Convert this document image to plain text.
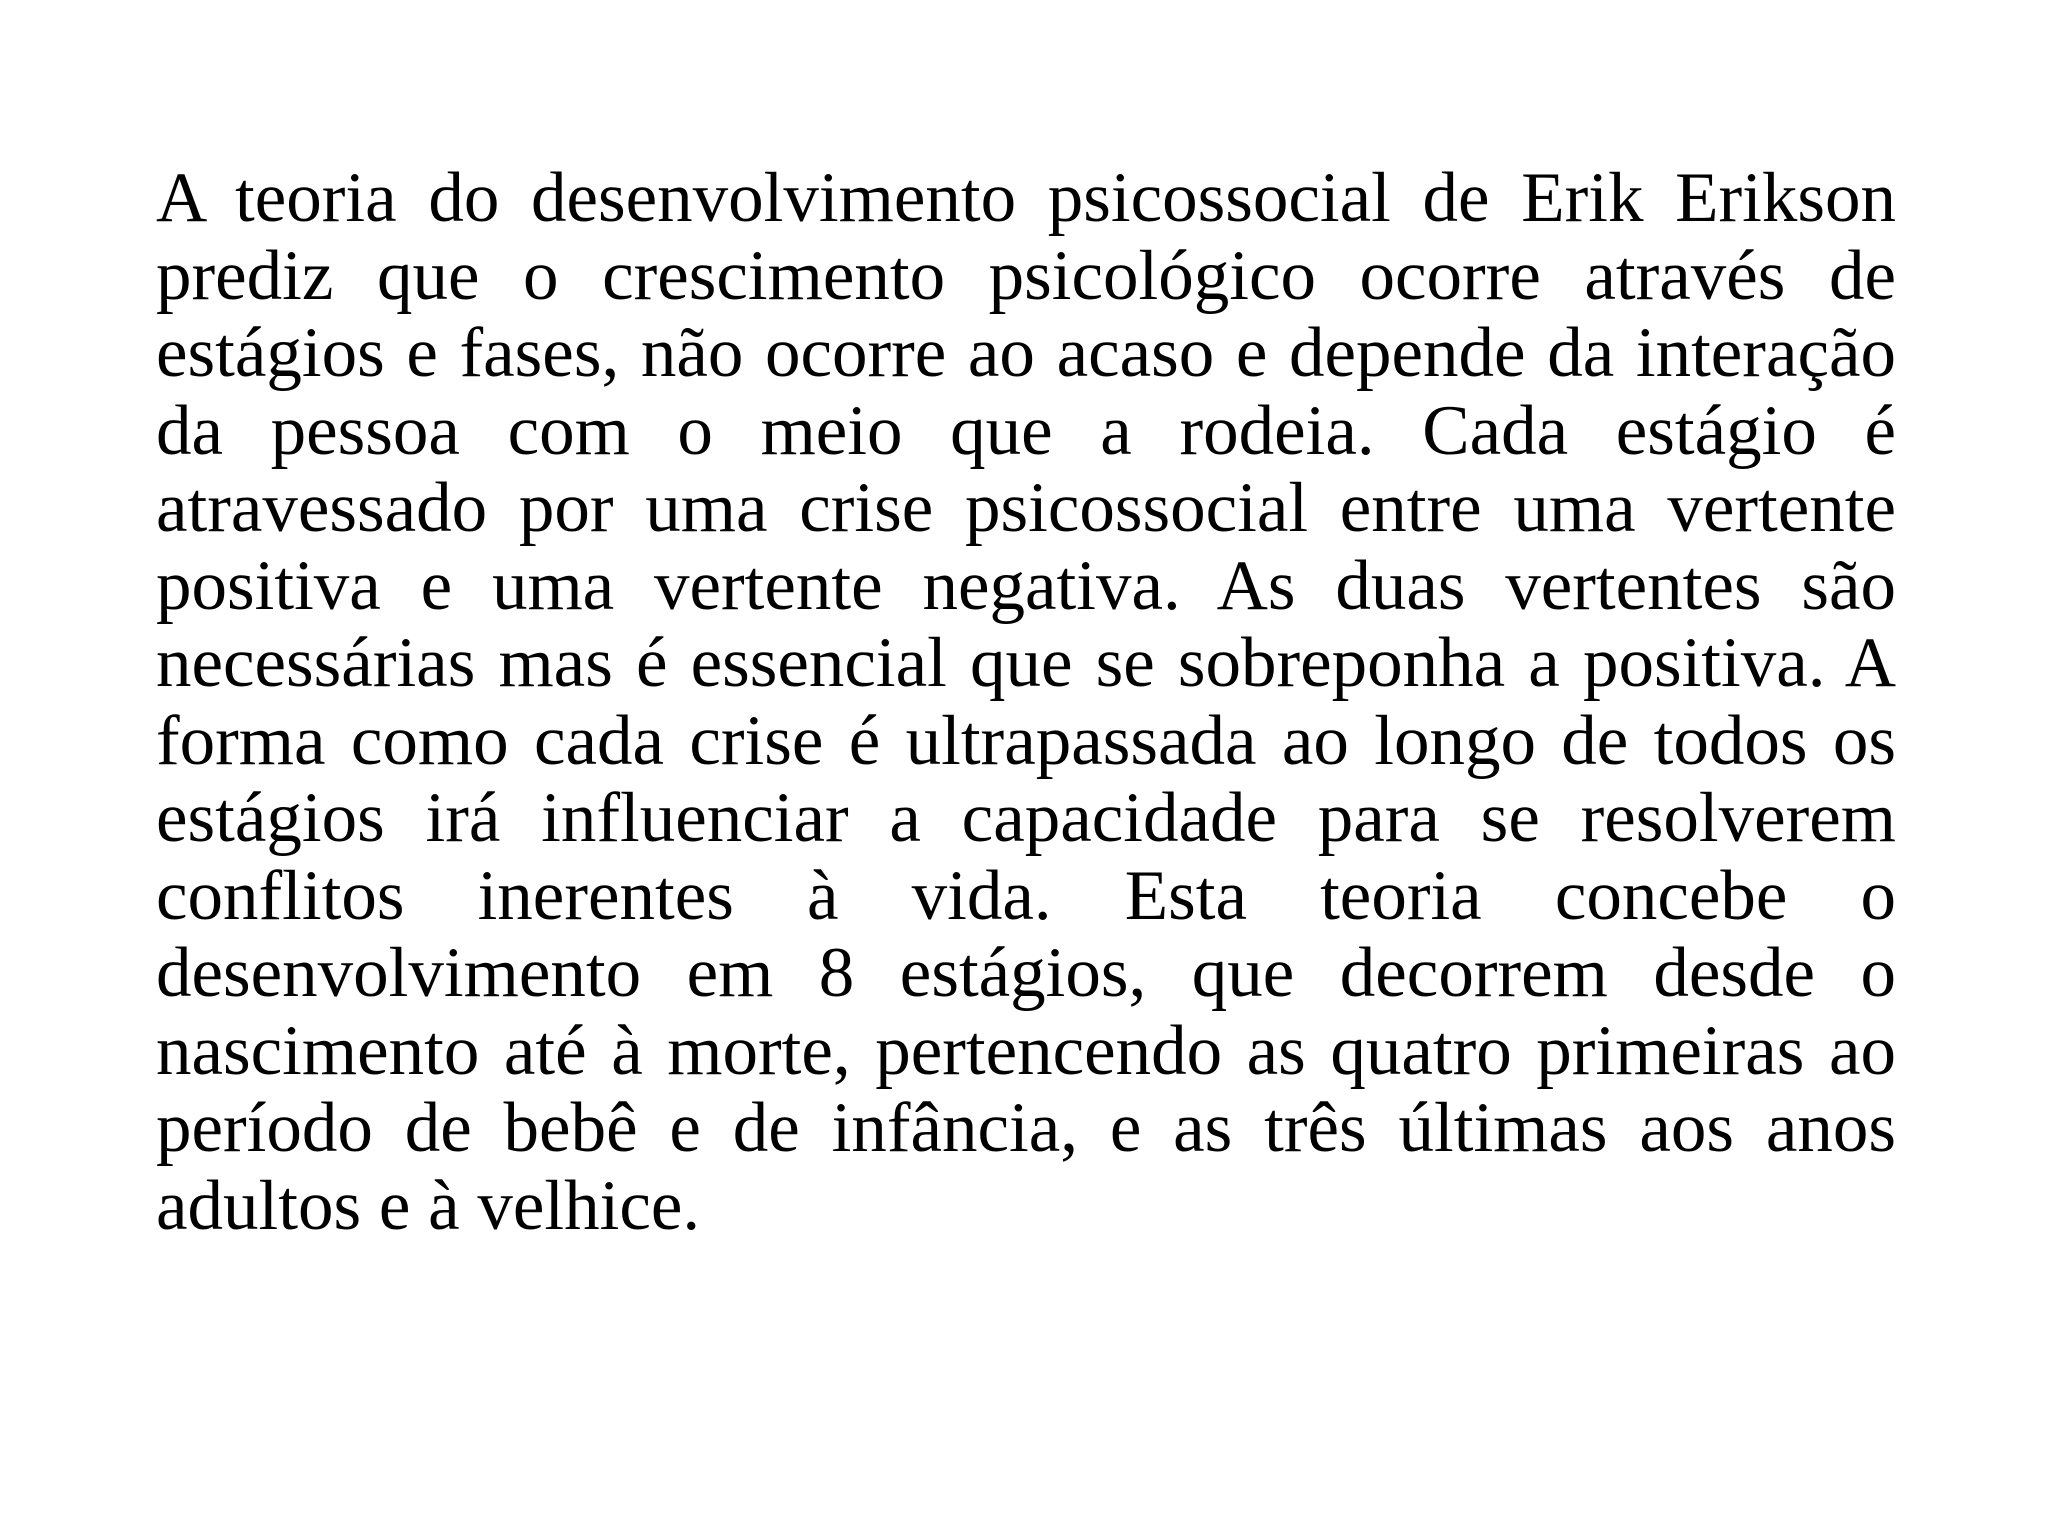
A teoria do desenvolvimento psicossocial de Erik Erikson prediz que o crescimento psicológico ocorre através de estágios e fases, não ocorre ao acaso e depende da interação da pessoa com o meio que a rodeia. Cada estágio é atravessado por uma crise psicossocial entre uma vertente positiva e uma vertente negativa. As duas vertentes são necessárias mas é essencial que se sobreponha a positiva. A forma como cada crise é ultrapassada ao longo de todos os estágios irá influenciar a capacidade para se resolverem conflitos inerentes à vida. Esta teoria concebe o desenvolvimento em 8 estágios, que decorrem desde o nascimento até à morte, pertencendo as quatro primeiras ao período de bebê e de infância, e as três últimas aos anos adultos e à velhice.
